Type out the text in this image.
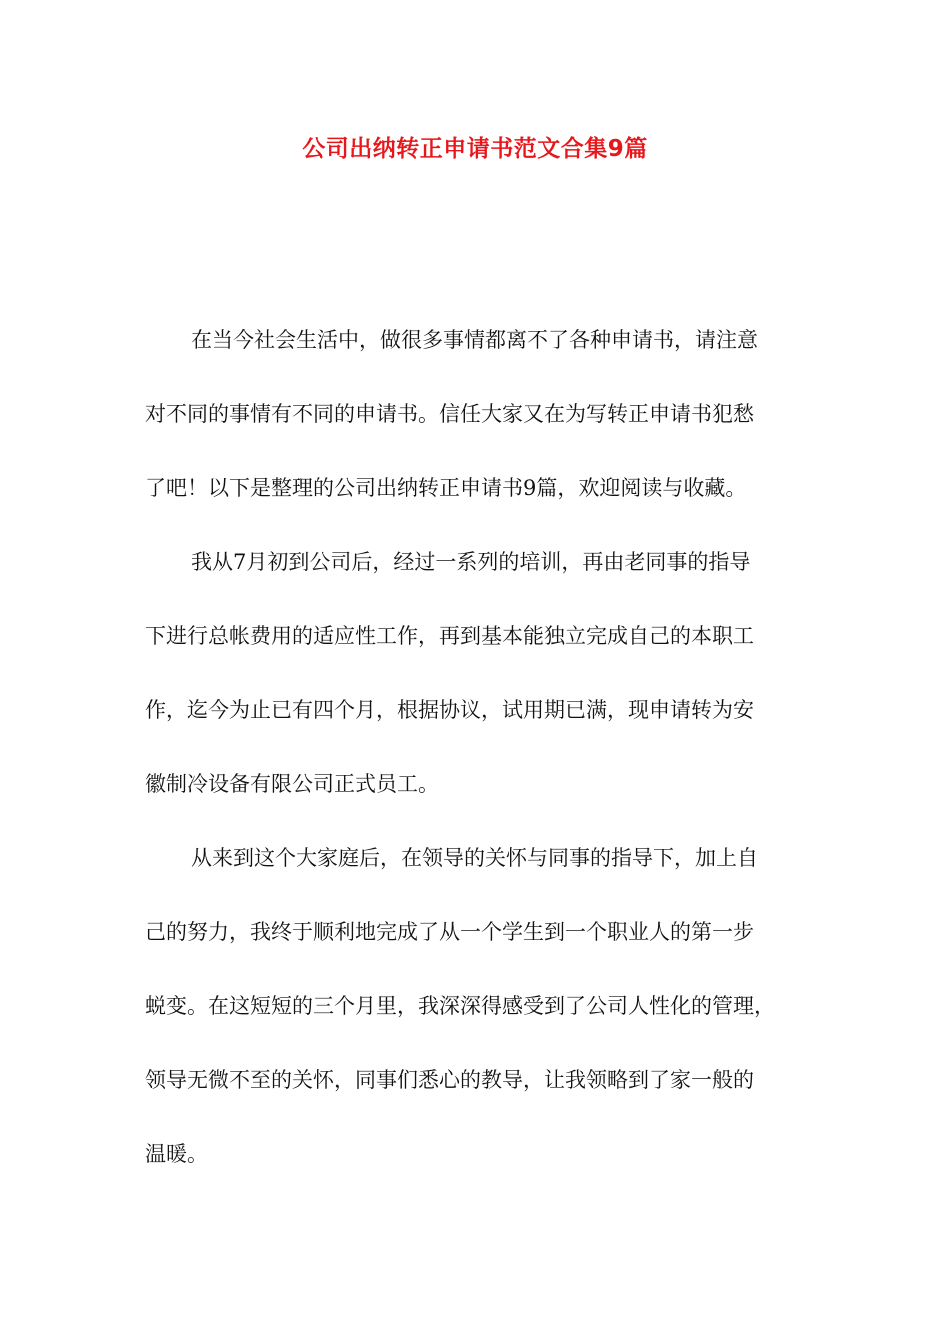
公司出纳转正申请书范文合集9篇

在当今社会生活中，做很多事情都离不了各种申请书，请注意

对不同的事情有不同的申请书。信任大家又在为写转正申请书犯愁

了吧！以下是整理的公司出纳转正申请书9篇，欢迎阅读与收藏。

我从7月初到公司后，经过一系列的培训，再由老同事的指导

下进行总帐费用的适应性工作，再到基本能独立完成自己的本职工

作，迄今为止已有四个月，根据协议，试用期已满，现申请转为安

徽制冷设备有限公司正式员工。

从来到这个大家庭后，在领导的关怀与同事的指导下，加上自

己的努力，我终于顺利地完成了从一个学生到一个职业人的第一步

蜕变。在这短短的三个月里，我深深得感受到了公司人性化的管理，

领导无微不至的关怀，同事们悉心的教导，让我领略到了家一般的

温暖。
